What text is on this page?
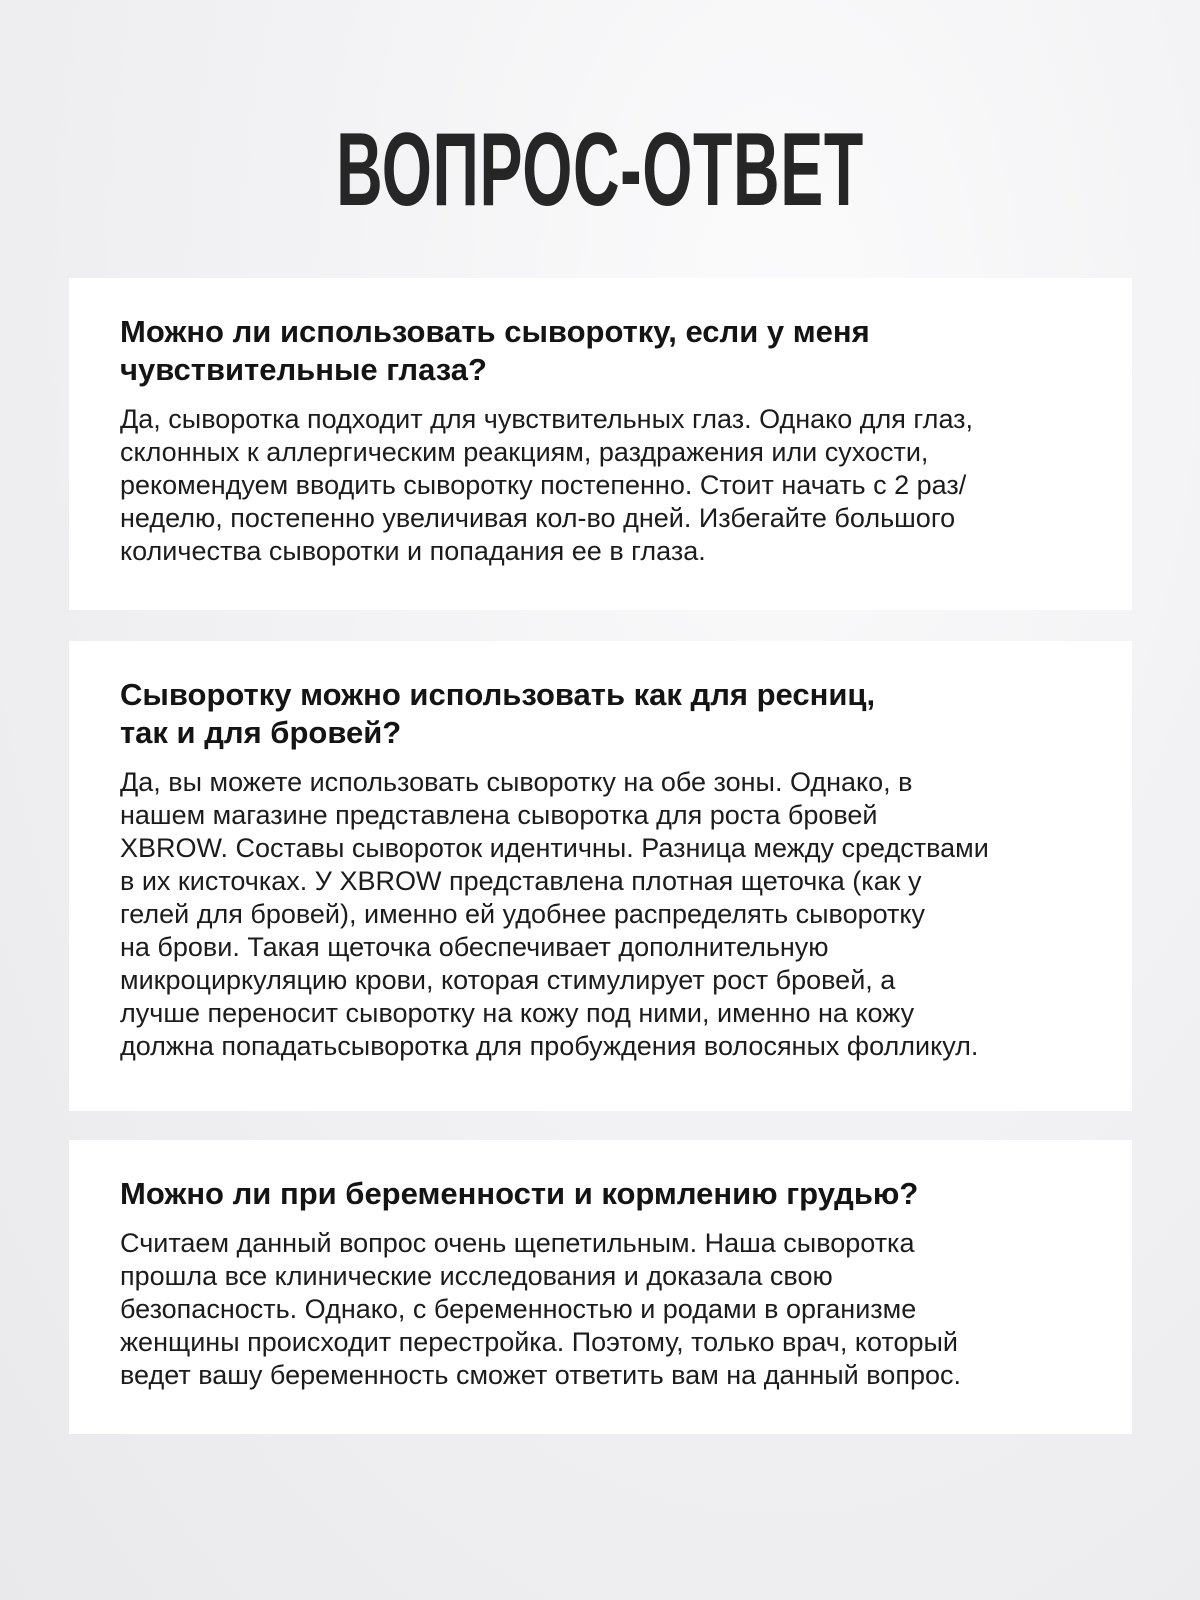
ВОПРОС-ОТВЕТ
Можно ли использовать сыворотку, если у меня
чувствительные глаза?

Да, сыворотка подходит для чувствительных глаз. Однако для глаз,
склонных к аллергическим реакциям, раздражения или сухости,
рекомендуем вводить сыворотку постепенно. Стоит начать с 2 раз/
неделю, постепенно увеличивая кол-во дней. Избегайте большого
количества сыворотки и попадания ее в глаза.

Сыворотку можно использовать как для ресниц,
так и для бровей?

Да, вы можете использовать сыворотку на обе зоны. Однако, в
нашем магазине представлена сыворотка для роста бровей
XBROW. Составы сывороток идентичны. Разница между средствами
в их кисточках. У XBROW представлена плотная щеточка (как у
гелей для бровей), именно ей удобнее распределять сыворотку
на брови. Такая щеточка обеспечивает дополнительную
микроциркуляцию крови, которая стимулирует рост бровей, а
лучше переносит сыворотку на кожу под ними, именно на кожу
должна попадатьсыворотка для пробуждения волосяных фолликул.

Можно ли при беременности и кормлению грудью?

Считаем данный вопрос очень щепетильным. Наша сыворотка
прошла все клинические исследования и доказала свою
безопасность. Однако, с беременностью и родами в организме
женщины происходит перестройка. Поэтому, только врач, который
ведет вашу беременность сможет ответить вам на данный вопрос.
